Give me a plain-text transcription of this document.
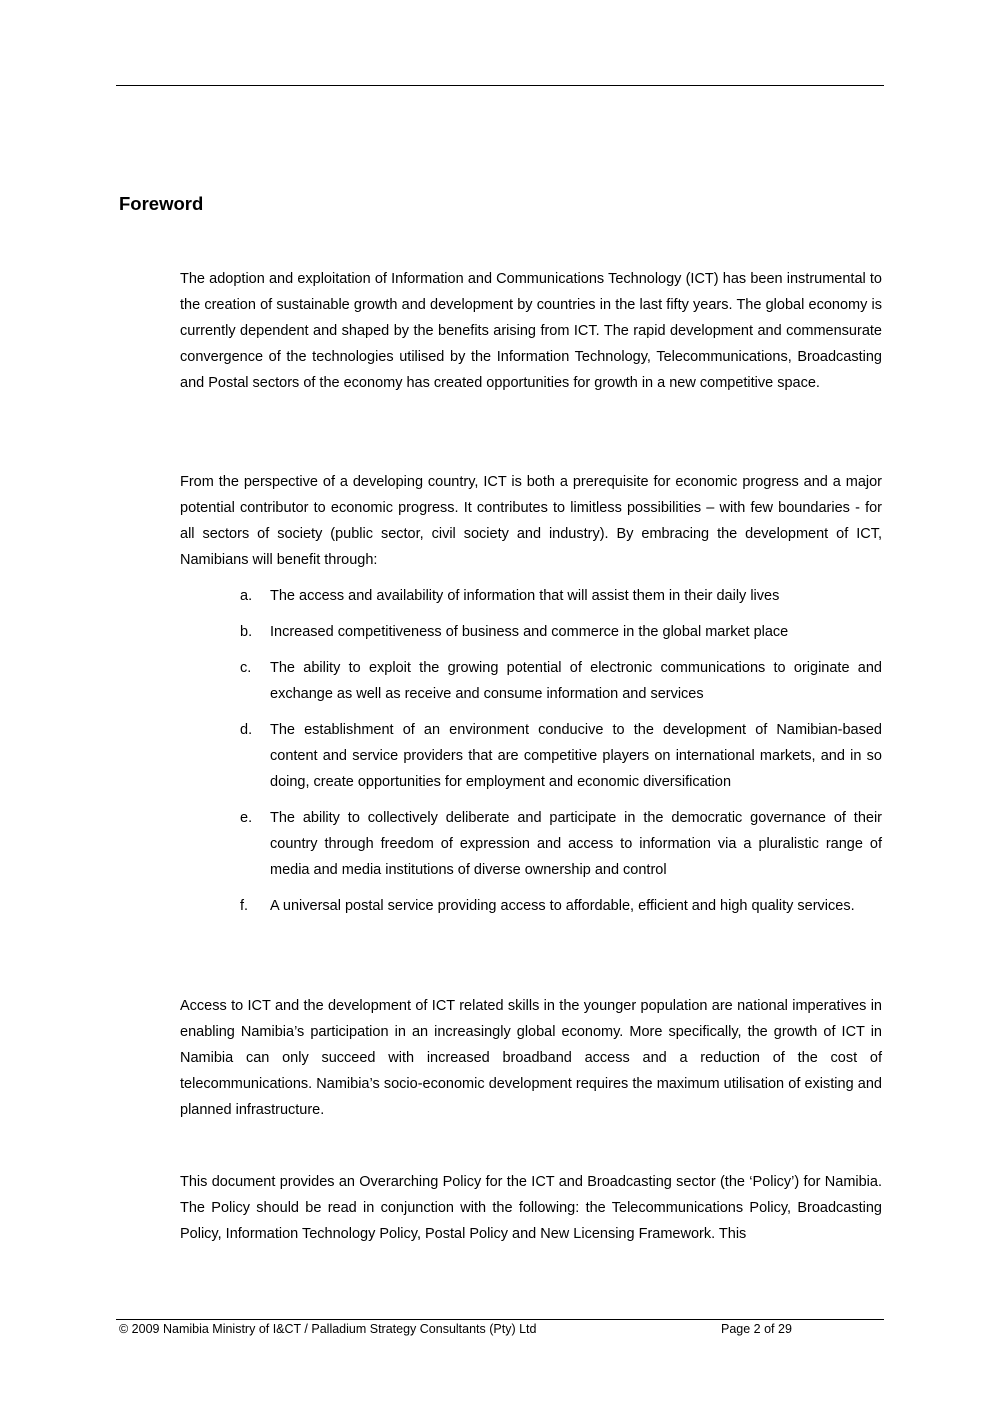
Foreword

The adoption and exploitation of Information and Communications Technology (ICT) has been instrumental to the creation of sustainable growth and development by countries in the last fifty years. The global economy is currently dependent and shaped by the benefits arising from ICT. The rapid development and commensurate convergence of the technologies utilised by the Information Technology, Telecommunications, Broadcasting and Postal sectors of the economy has created opportunities for growth in a new competitive space.

From the perspective of a developing country, ICT is both a prerequisite for economic progress and a major potential contributor to economic progress. It contributes to limitless possibilities – with few boundaries - for all sectors of society (public sector, civil society and industry). By embracing the development of ICT, Namibians will benefit through:

a. The access and availability of information that will assist them in their daily lives
b. Increased competitiveness of business and commerce in the global market place
c. The ability to exploit the growing potential of electronic communications to originate and exchange as well as receive and consume information and services
d. The establishment of an environment conducive to the development of Namibian-based content and service providers that are competitive players on international markets, and in so doing, create opportunities for employment and economic diversification
e. The ability to collectively deliberate and participate in the democratic governance of their country through freedom of expression and access to information via a pluralistic range of media and media institutions of diverse ownership and control
f. A universal postal service providing access to affordable, efficient and high quality services.

Access to ICT and the development of ICT related skills in the younger population are national imperatives in enabling Namibia’s participation in an increasingly global economy. More specifically, the growth of ICT in Namibia can only succeed with increased broadband access and a reduction of the cost of telecommunications. Namibia’s socio-economic development requires the maximum utilisation of existing and planned infrastructure.

This document provides an Overarching Policy for the ICT and Broadcasting sector (the ‘Policy’) for Namibia. The Policy should be read in conjunction with the following: the Telecommunications Policy, Broadcasting Policy, Information Technology Policy, Postal Policy and New Licensing Framework. This

© 2009 Namibia Ministry of I&CT / Palladium Strategy Consultants (Pty) Ltd	Page 2 of 29
